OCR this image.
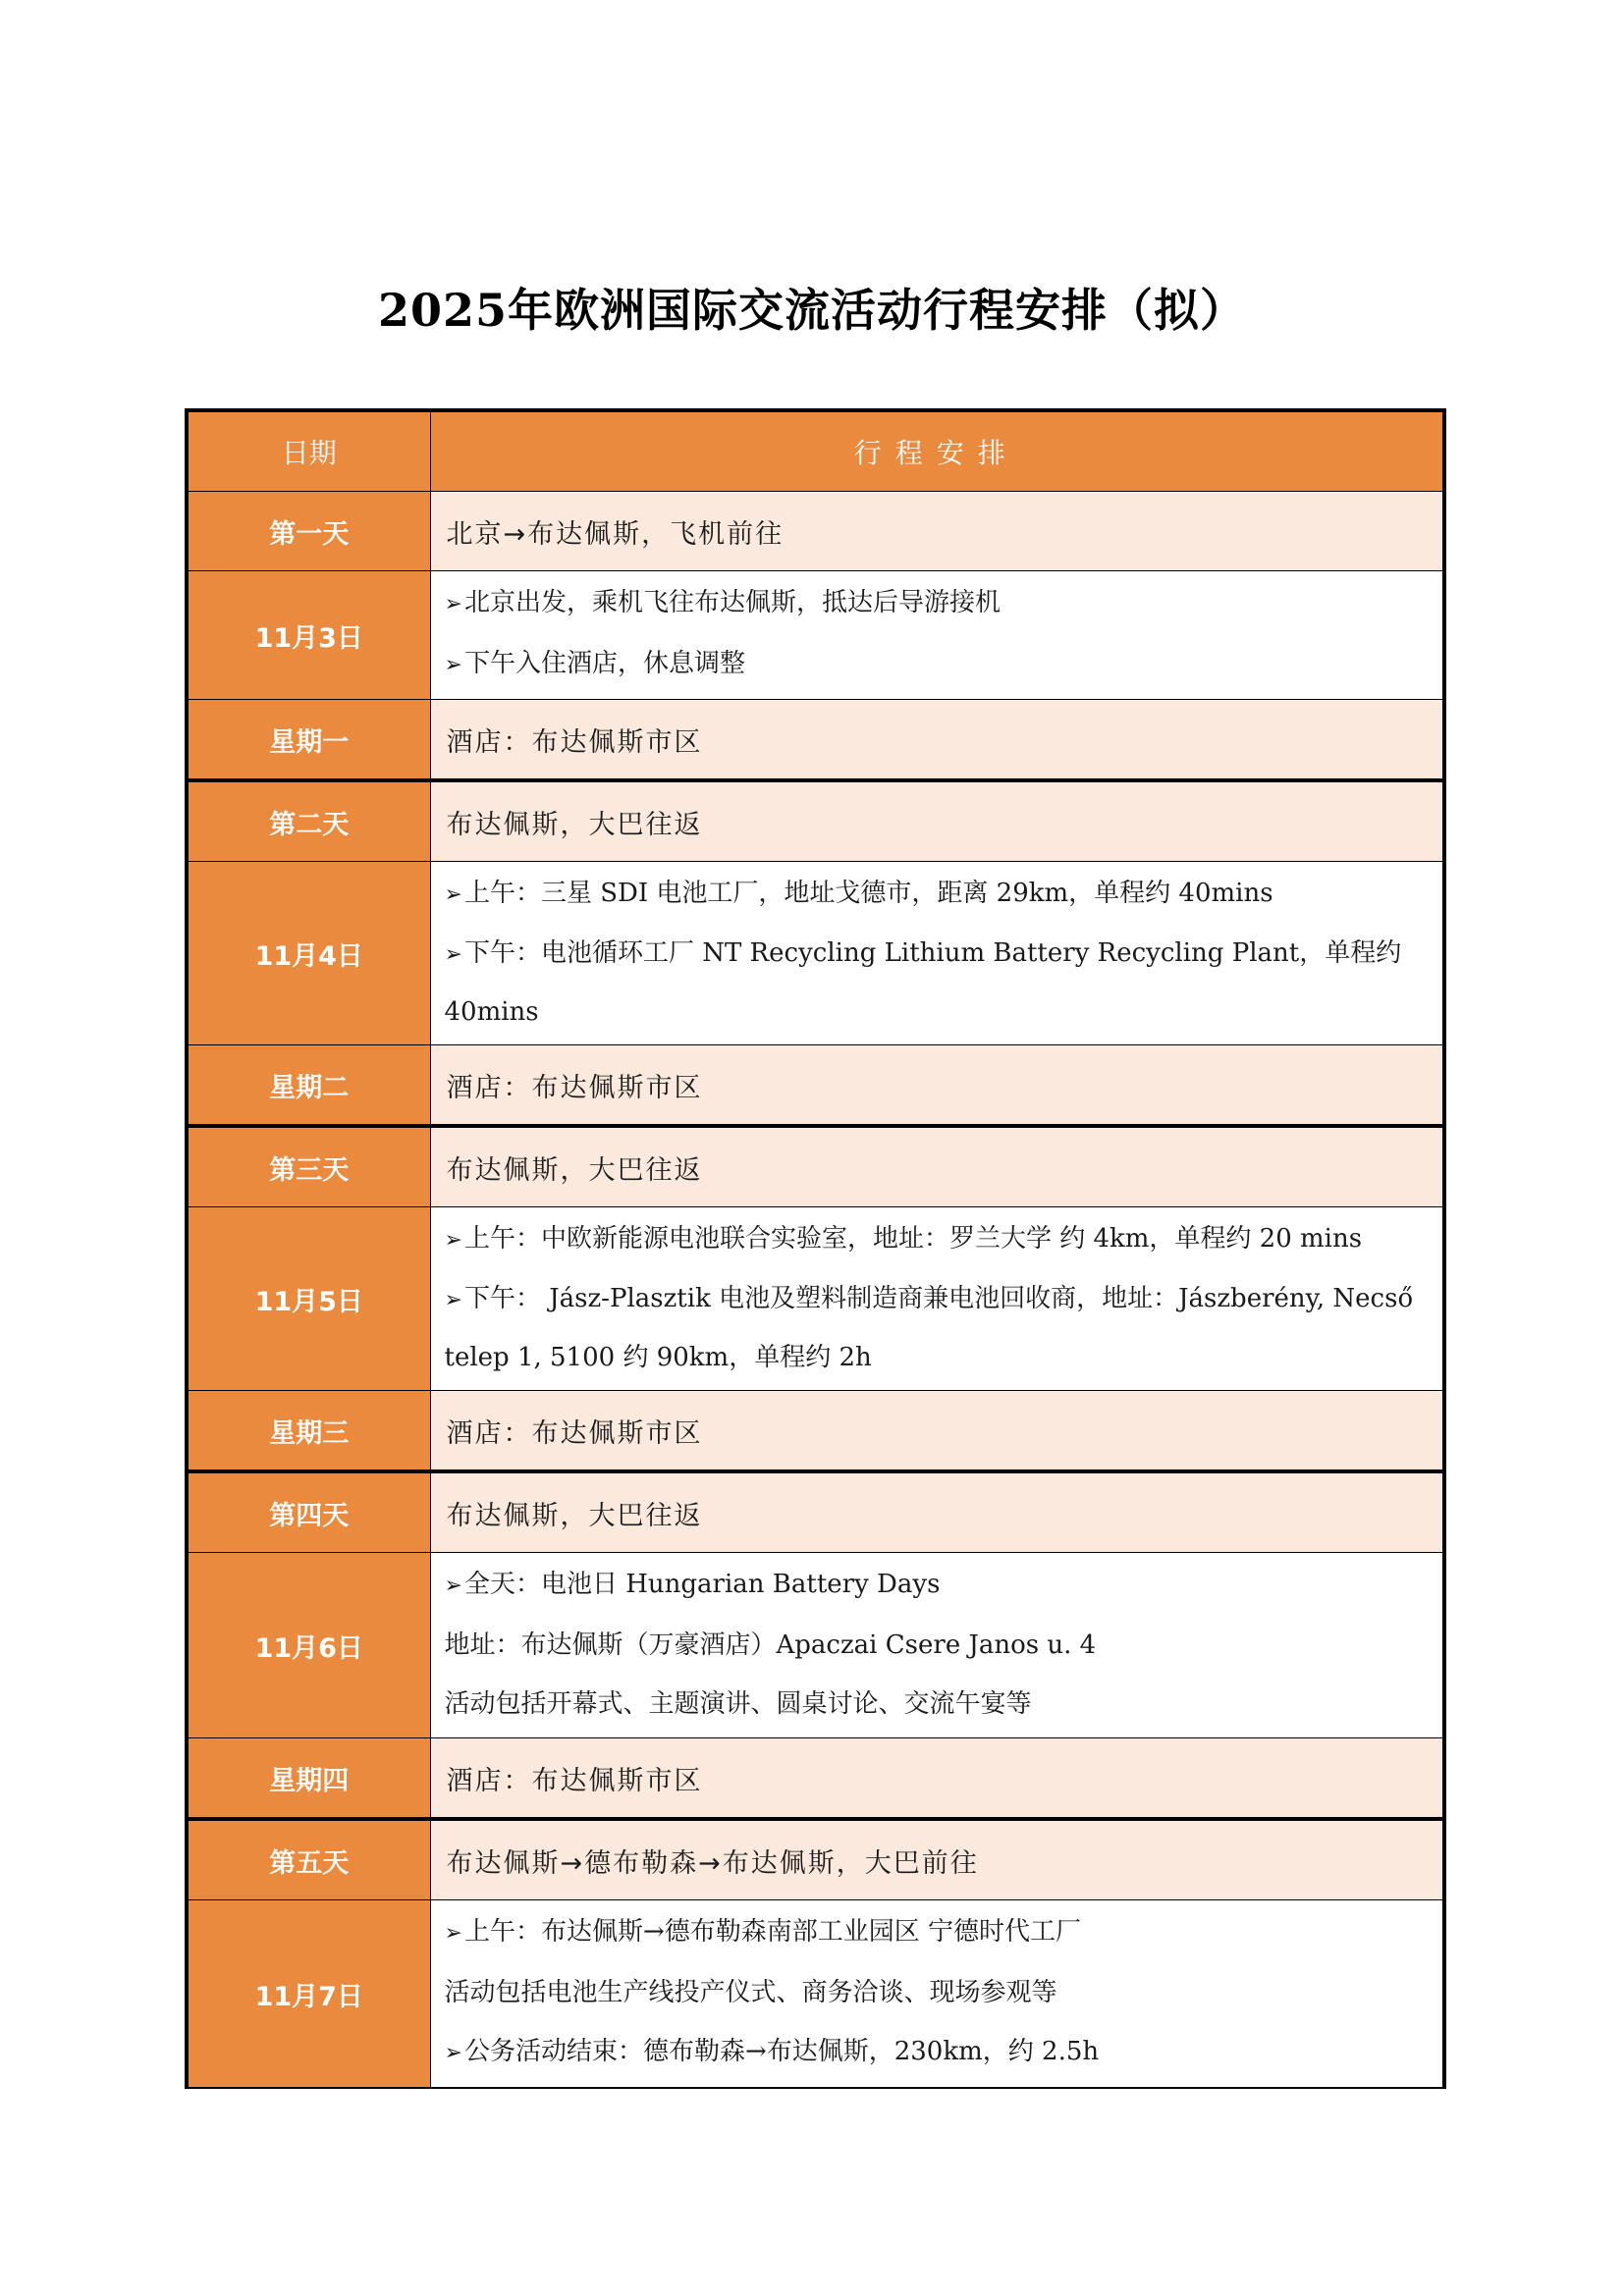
2025年欧洲国际交流活动行程安排（拟）
日期	行程安排
第一天	北京→布达佩斯，飞机前往
11月3日	➢北京出发，乘机飞往布达佩斯，抵达后导游接机
➢下午入住酒店，休息调整

星期一	酒店：布达佩斯市区
第二天	布达佩斯，大巴往返
11月4日	➢上午：三星 SDI 电池工厂，地址戈德市，距离 29km，单程约 40mins
➢下午：电池循环工厂 NT Recycling Lithium Battery Recycling Plant，单程约 40mins

星期二	酒店：布达佩斯市区
第三天	布达佩斯，大巴往返
11月5日	➢上午：中欧新能源电池联合实验室，地址：罗兰大学 约 4km，单程约 20 mins
➢下午： Jász-Plasztik 电池及塑料制造商兼电池回收商，地址：Jászberény, Necső telep 1, 5100 约 90km，单程约 2h

星期三	酒店：布达佩斯市区
第四天	布达佩斯，大巴往返
11月6日	➢全天：电池日 Hungarian Battery Days
地址：布达佩斯（万豪酒店）Apaczai Csere Janos u. 4
活动包括开幕式、主题演讲、圆桌讨论、交流午宴等

星期四	酒店：布达佩斯市区
第五天	布达佩斯→德布勒森→布达佩斯，大巴前往
11月7日	➢上午：布达佩斯→德布勒森南部工业园区 宁德时代工厂
活动包括电池生产线投产仪式、商务洽谈、现场参观等
➢公务活动结束：德布勒森→布达佩斯，230km，约 2.5h
